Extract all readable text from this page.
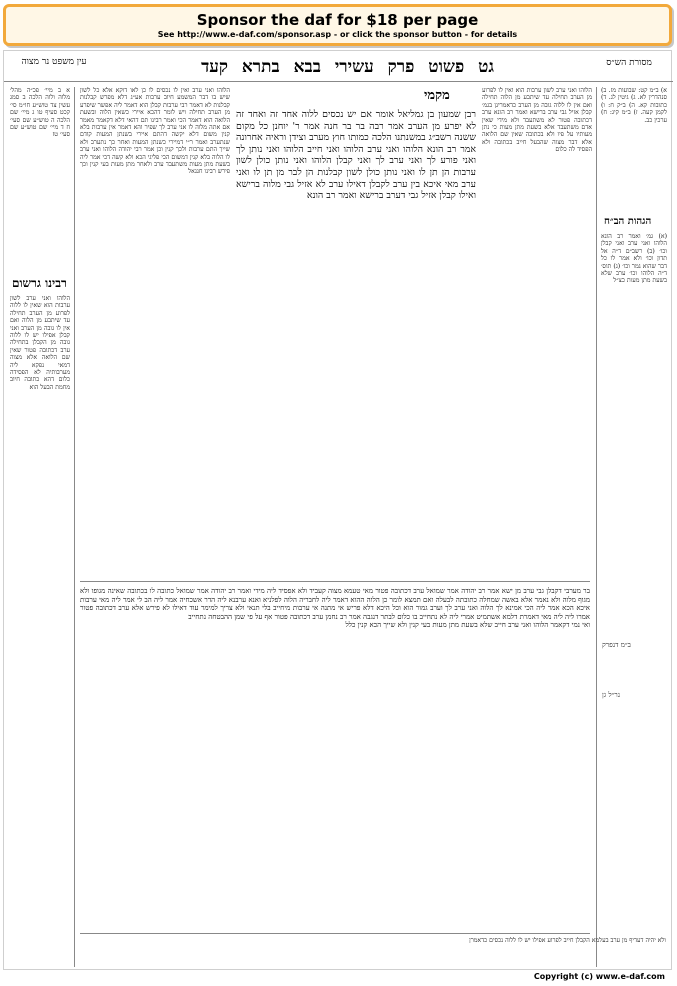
Sponsor the daf for $18 per page
See http://www.e-daf.com/sponsor.asp - or click the sponsor button - for details
גט פשוט פרק עשירי בבא בתרא קעד
עין משפט נר מצוה	מסורת הש״ס

א ב מיי׳ פכ״ה מהל׳ מלוה ולוה הלכה ב סמג עשין צד טוש״ע חו״מ סי׳ קכט סעיף טו ג מיי׳ שם הלכה ה טוש״ע שם סעי׳ ח ד מיי׳ שם טוש״ע שם סעי׳ טז

רבינו גרשום

הלוהו ואני ערב לשון ערבות הוא שאין לו ללוה לפרוע מן הערב תחילה עד שיתבע מן הלוה ואם אין לו גובה מן הערב ואני קבלן אפילו יש לו ללוה גובה מן הקבלן בתחילה ערב דכתובה פטור שאין שם הלואה אלא מצוה דמאי נפקא ליה מערבותיה לא הפסידה כלום דהא כתובה חיוב מחמת הבעל הוא

הלוהו ואני ערב ואין לו נכסים לו כן לאו דוקא אלא כל לשון שיש בו דבר המשמע חיוב ערבות אע״ג דלא מפרש קבלנות קבלנות לא דאמר רבי ערבות קבלן הוא דאמר ליה אפשר שיפרע מן הערב תחילה ויש לומר דהכא איירי כשאין הלוה ובשעת הלואה הוא דאמר הכי ואמר רבינו תם דהאי דלא דקאמר מאמר אם אתה מלוה לו אני ערב לך שפיר והא דאמר אין ערבות בלא קנין משום דלא יקשה דהתם איירי בשנתן המעות קודם שנתערב ואמר ר״י דמיירי כשנתן המעות ואחר כך נתערב ולא שייך התם ערבות ולכך קנין וכן אמר רבי יהודה הלוהו ואני ערב לו הלוה בלא קנין דמשום הכי פליגי הכא ולא קשה דכי אמר ליה בשעת מתן מעות משתעבד ערב ולאחר מתן מעות בעי קנין וכך פירש רבינו חננאל

מקמי

רבן שמעון בן גמליאל אומר אם יש נכסים ללוה אחד זה ואחד זה לא יפרע מן הערב אמר רבה בר בר חנה אמר ר' יוחנן כל מקום ששנה רשב״ג במשנתנו הלכה כמותו חוץ מערב וצידן וראיה אחרונה אמר רב הונא הלוהו ואני ערב הלוהו ואני חייב הלוהו ואני נותן לך ואני פורע לך ואני ערב לך ואני קבלן הלוהו ואני נותן כולן לשון ערבות הן תן לו ואני נותן כולן לשון קבלנות הן לבר מן תן לו ואני ערב מאי איכא בין ערב לקבלן דאילו ערב לא אזיל גבי מלוה ברישא ואילו קבלן אזיל גבי דערב ברישא ואמר רב הונא

הלוהו ואני ערב לשון ערבות הוא ואין לו לפרוע מן הערב תחילה עד שיתבע מן הלוה תחילה ואם אין לו ללוה גובה מן הערב כדאמרינן בגמ׳ קבלן אזיל גבי ערב ברישא ואמר רב הונא ערב דכתובה פטור לא משתעבד ולא מידי שאין אדם משתעבד אלא בשעת מתן מעות כי נתן מעותיו על פיו ולא בכתובה שאין שם הלואה אלא דבר מצוה שהבעל חייב בכתובה ולא הפסיד לה כלום

א) ב״מ קט: שבועות מז. ב) סנהדרין לא. ג) גיטין לג. ד) כתובות קא. ה) ב״ק ח: ו) לקמן קעה. ז) ב״מ קיג: ח) ערכין כב.

הגהות הב״ח

(א) גמ׳ ואמר רב הונא הלוהו ואני ערב ואני קבלן וכו׳ (ב) רשב״ם ד״ה אל תדון וכו׳ ולא אמר לו כל דבר שהוא גמר וכו׳ (ג) תוס׳ ד״ה הלוהו וכו׳ ערב שלא בשעת מתן מעות כצ״ל

ב״מ דנפרק
נר״ל גן

בר מערבי דקבלן גבי ערב מן ישא אמר רב יהודה אמר שמואל ערב דכתובה פטור מאי טעמא מצוה קעביד ולא אפסיד ליה מידי ואמר רב יהודה אמר שמואל כתובה לו בכתובה שאינה מגופו ולא מגוף מלוה ולא נאמר אלא באשה שמחלה כתובתה לבעלה ואם תמצא לומר כן הלוה ההוא דאמר ליה לחבריה הלוה לפלניא ואנא ערבנא ליה הדר אשכחיה אמר ליה הב לי אמר ליה מאי ערבות איכא הכא אמר ליה הכי אמינא לך הלוה ואני ערב לך וערב גמור הוא וכל היכא דלא פריש אי מתנה אי ערבות מיחייב בלי תנאי ולא צריך למימר עוד דאילו לא פירש אלא ערב דכתובה פטור אמרו ליה ליה מאי דאמרת דלמא אשתמיט אמרי ליה לא נתחייב בו כלום לבתר דנגבה אמר רב נחמן ערב דכתובה פטור אף על פי שמן ההבטחה נתחייב

ואי נמי דקאמר הלוהו ואני ערב חייב שלא בשעת מתן מעות בעי קנין ולא שייך הכא קנין כלל

ולא יהיה דעדיף מן ערב בעלמא הקבלן חייב לפרוע אפילו יש לו ללוה נכסים כדאמרן

Copyright (c) www.e-daf.com
